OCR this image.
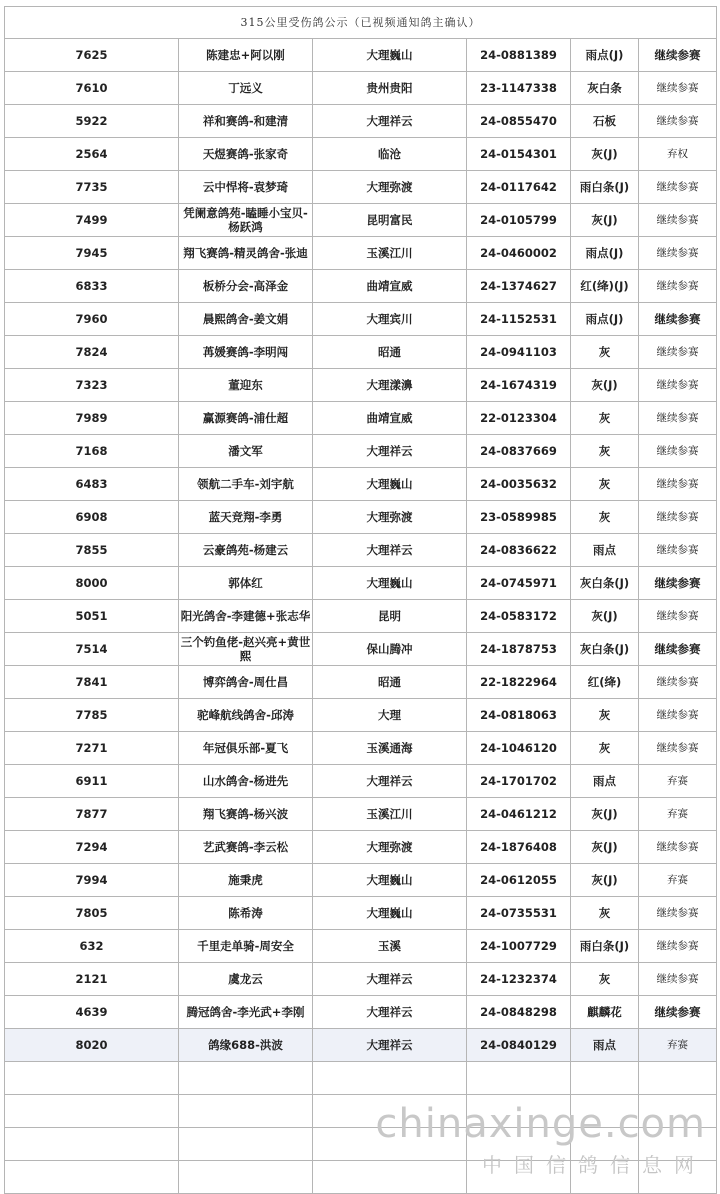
315公里受伤鸽公示（已视频通知鸽主确认）					
7625	陈建忠+阿以刚	大理巍山	24-0881389	雨点(J)	继续参赛
7610	丁远义	贵州贵阳	23-1147338	灰白条	继续参赛
5922	祥和赛鸽-和建清	大理祥云	24-0855470	石板	继续参赛
2564	天煜赛鸽-张家奇	临沧	24-0154301	灰(J)	弃权
7735	云中悍将-袁梦琦	大理弥渡	24-0117642	雨白条(J)	继续参赛
7499	凭阑意鸽苑-瞌睡小宝贝-杨跃鸿	昆明富民	24-0105799	灰(J)	继续参赛
7945	翔飞赛鸽-精灵鸽舍-张迪	玉溪江川	24-0460002	雨点(J)	继续参赛
6833	板桥分会-高泽金	曲靖宣威	24-1374627	红(绛)(J)	继续参赛
7960	晨熙鸽舍-姜文娟	大理宾川	24-1152531	雨点(J)	继续参赛
7824	苒媛赛鸽-李明闯	昭通	24-0941103	灰	继续参赛
7323	董迎东	大理漾濞	24-1674319	灰(J)	继续参赛
7989	赢源赛鸽-浦仕超	曲靖宣威	22-0123304	灰	继续参赛
7168	潘文军	大理祥云	24-0837669	灰	继续参赛
6483	领航二手车-刘宇航	大理巍山	24-0035632	灰	继续参赛
6908	蓝天竞翔-李勇	大理弥渡	23-0589985	灰	继续参赛
7855	云豪鸽苑-杨建云	大理祥云	24-0836622	雨点	继续参赛
8000	郭体红	大理巍山	24-0745971	灰白条(J)	继续参赛
5051	阳光鸽舍-李建德+张志华	昆明	24-0583172	灰(J)	继续参赛
7514	三个钓鱼佬-赵兴亮+黄世熙	保山腾冲	24-1878753	灰白条(J)	继续参赛
7841	博弈鸽舍-周仕昌	昭通	22-1822964	红(绛)	继续参赛
7785	驼峰航线鸽舍-邱涛	大理	24-0818063	灰	继续参赛
7271	年冠俱乐部-夏飞	玉溪通海	24-1046120	灰	继续参赛
6911	山水鸽舍-杨进先	大理祥云	24-1701702	雨点	弃赛
7877	翔飞赛鸽-杨兴波	玉溪江川	24-0461212	灰(J)	弃赛
7294	艺武赛鸽-李云松	大理弥渡	24-1876408	灰(J)	继续参赛
7994	施秉虎	大理巍山	24-0612055	灰(J)	弃赛
7805	陈希涛	大理巍山	24-0735531	灰	继续参赛
632	千里走单骑-周安全	玉溪	24-1007729	雨白条(J)	继续参赛
2121	虞龙云	大理祥云	24-1232374	灰	继续参赛
4639	腾冠鸽舍-李光武+李刚	大理祥云	24-0848298	麒麟花	继续参赛
8020	鸽缘688-洪波	大理祥云	24-0840129	雨点	弃赛

chinaxinge.com
中国信鸽信息网
